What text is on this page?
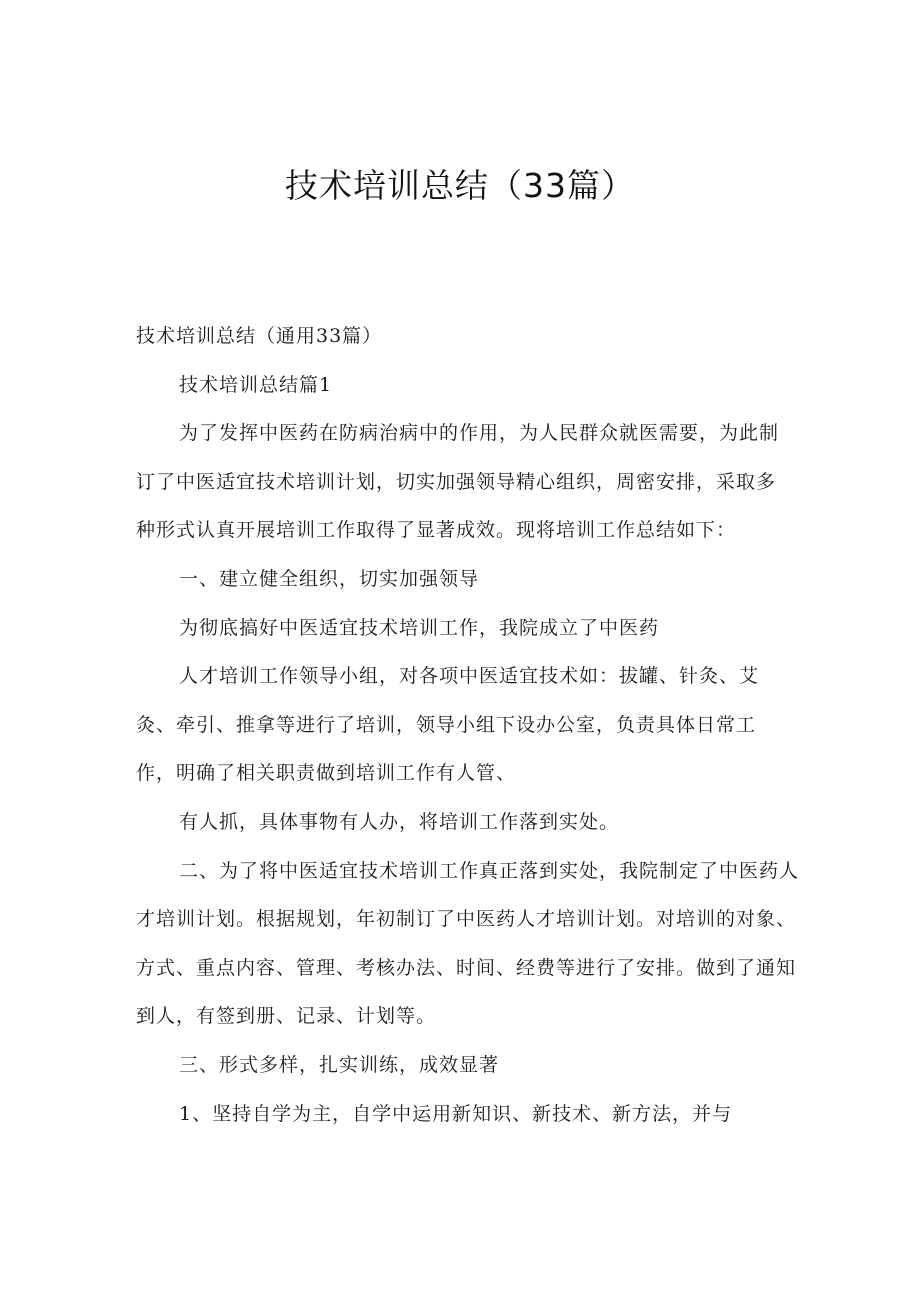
技术培训总结（33篇）
技术培训总结（通用33篇）
技术培训总结篇1
为了发挥中医药在防病治病中的作用，为人民群众就医需要，为此制
订了中医适宜技术培训计划，切实加强领导精心组织，周密安排，采取多
种形式认真开展培训工作取得了显著成效。现将培训工作总结如下：
一、建立健全组织，切实加强领导
为彻底搞好中医适宜技术培训工作，我院成立了中医药
人才培训工作领导小组，对各项中医适宜技术如：拔罐、针灸、艾
灸、牵引、推拿等进行了培训，领导小组下设办公室，负责具体日常工
作，明确了相关职责做到培训工作有人管、
有人抓，具体事物有人办，将培训工作落到实处。
二、为了将中医适宜技术培训工作真正落到实处，我院制定了中医药人
才培训计划。根据规划，年初制订了中医药人才培训计划。对培训的对象、
方式、重点内容、管理、考核办法、时间、经费等进行了安排。做到了通知
到人，有签到册、记录、计划等。
三、形式多样，扎实训练，成效显著
1、坚持自学为主，自学中运用新知识、新技术、新方法，并与
